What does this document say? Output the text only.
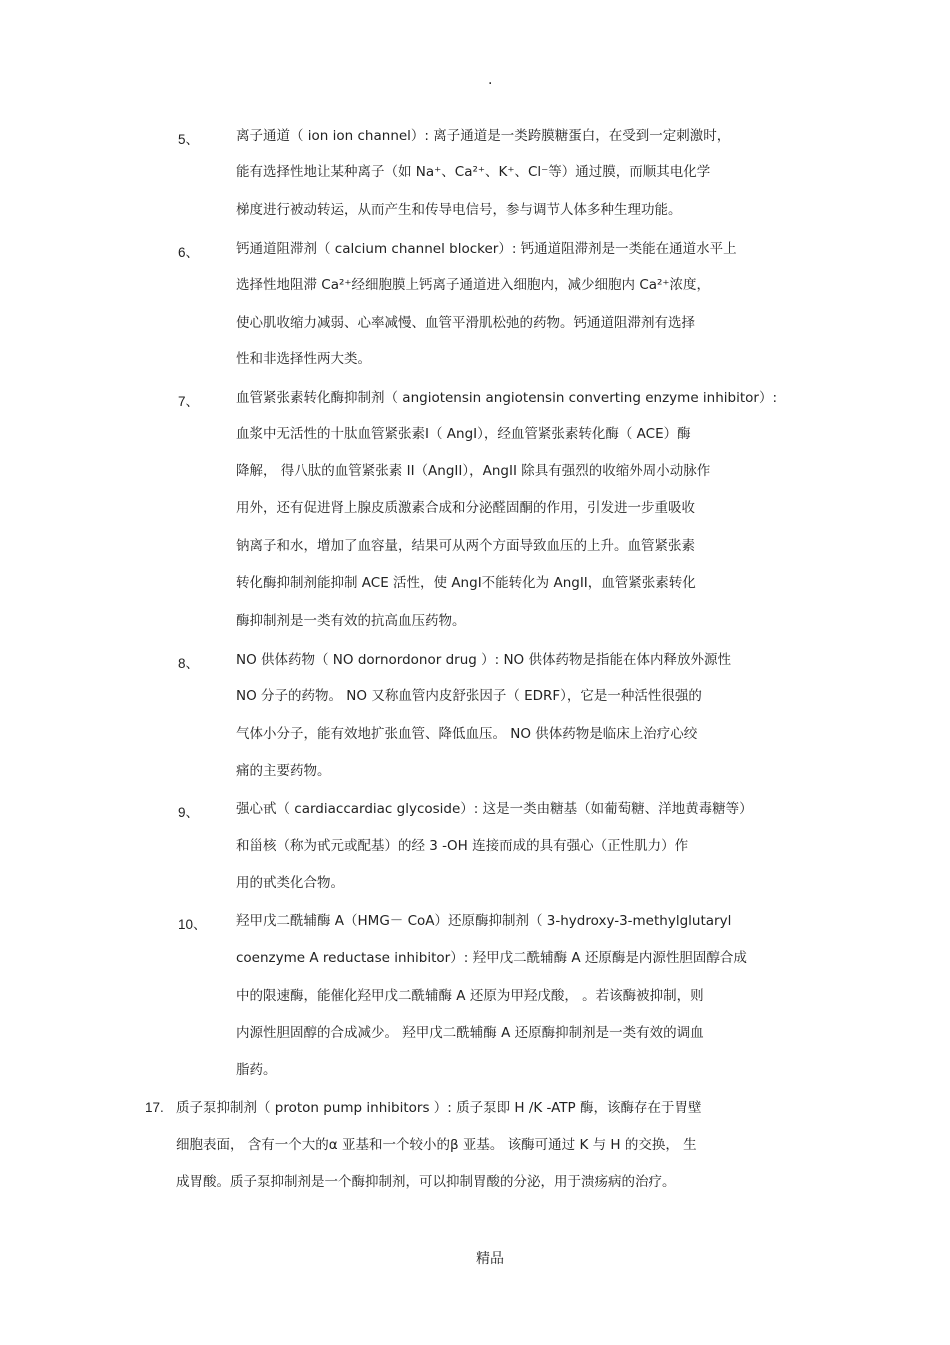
.
5、	离子通道（ ion ion channel）: 离子通道是一类跨膜糖蛋白，在受到一定刺激时，
能有选择性地让某种离子（如 Na⁺、Ca²⁺、K⁺、Cl⁻等）通过膜，而顺其电化学
梯度进行被动转运，从而产生和传导电信号，参与调节人体多种生理功能。
6、	钙通道阻滞剂（ calcium channel blocker）: 钙通道阻滞剂是一类能在通道水平上
选择性地阻滞 Ca²⁺经细胞膜上钙离子通道进入细胞内，减少细胞内 Ca²⁺浓度，
使心肌收缩力减弱、心率减慢、血管平滑肌松弛的药物。钙通道阻滞剂有选择
性和非选择性两大类。
7、	血管紧张素转化酶抑制剂（ angiotensin angiotensin converting enzyme inhibitor）:
血浆中无活性的十肽血管紧张素Ⅰ（ AngⅠ），经血管紧张素转化酶（ ACE）酶
降解， 得八肽的血管紧张素 II（AngII），AngII 除具有强烈的收缩外周小动脉作
用外，还有促进肾上腺皮质激素合成和分泌醛固酮的作用，引发进一步重吸收
钠离子和水，增加了血容量，结果可从两个方面导致血压的上升。血管紧张素
转化酶抑制剂能抑制 ACE 活性，使 AngⅠ不能转化为 AngII，血管紧张素转化
酶抑制剂是一类有效的抗高血压药物。
8、	NO 供体药物（ NO dornordonor drug ）: NO 供体药物是指能在体内释放外源性
NO 分子的药物。 NO 又称血管内皮舒张因子（ EDRF），它是一种活性很强的
气体小分子，能有效地扩张血管、降低血压。 NO 供体药物是临床上治疗心绞
痛的主要药物。
9、	强心甙（ cardiaccardiac glycoside）: 这是一类由糖基（如葡萄糖、洋地黄毒糖等）
和甾核（称为甙元或配基）的经 3 -OH 连接而成的具有强心（正性肌力）作
用的甙类化合物。
10、 羟甲戊二酰辅酶 A（HMG－ CoA）还原酶抑制剂（ 3-hydroxy-3-methylglutaryl
coenzyme A reductase inhibitor）: 羟甲戊二酰辅酶 A 还原酶是内源性胆固醇合成
中的限速酶，能催化羟甲戊二酰辅酶 A 还原为甲羟戊酸， 。若该酶被抑制，则
内源性胆固醇的合成减少。 羟甲戊二酰辅酶 A 还原酶抑制剂是一类有效的调血
脂药。
17. 质子泵抑制剂（ proton pump inhibitors ）: 质子泵即 H /K -ATP 酶，该酶存在于胃壁
细胞表面， 含有一个大的α 亚基和一个较小的β 亚基。 该酶可通过 K 与 H 的交换， 生
成胃酸。质子泵抑制剂是一个酶抑制剂，可以抑制胃酸的分泌，用于溃疡病的治疗。
精品
